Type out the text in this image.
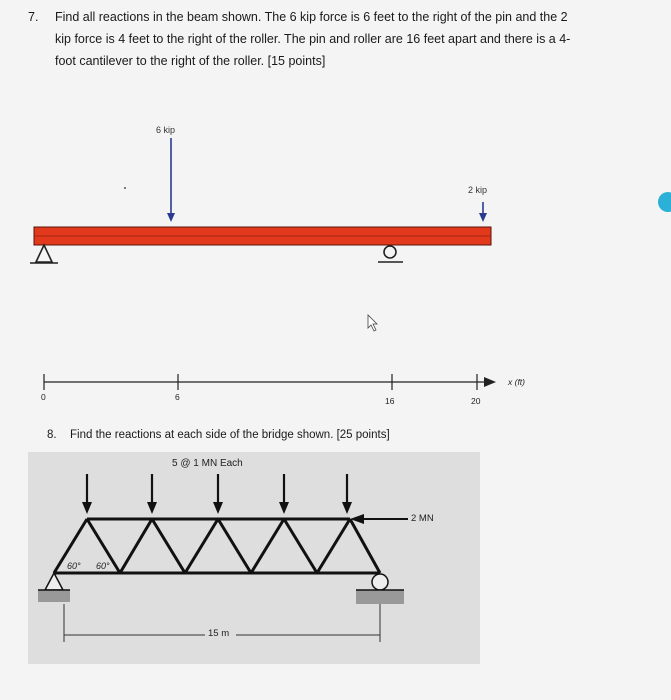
7. Find all reactions in the beam shown. The 6 kip force is 6 feet to the right of the pin and the 2
kip force is 4 feet to the right of the roller. The pin and roller are 16 feet apart and there is a 4-
foot cantilever to the right of the roller. [15 points]
6 kip
2 kip
0	6	16	20
x (ft)
8. Find the reactions at each side of the bridge shown. [25 points]
5 @ 1 MN Each
2 MN
60° 60°
15 m
